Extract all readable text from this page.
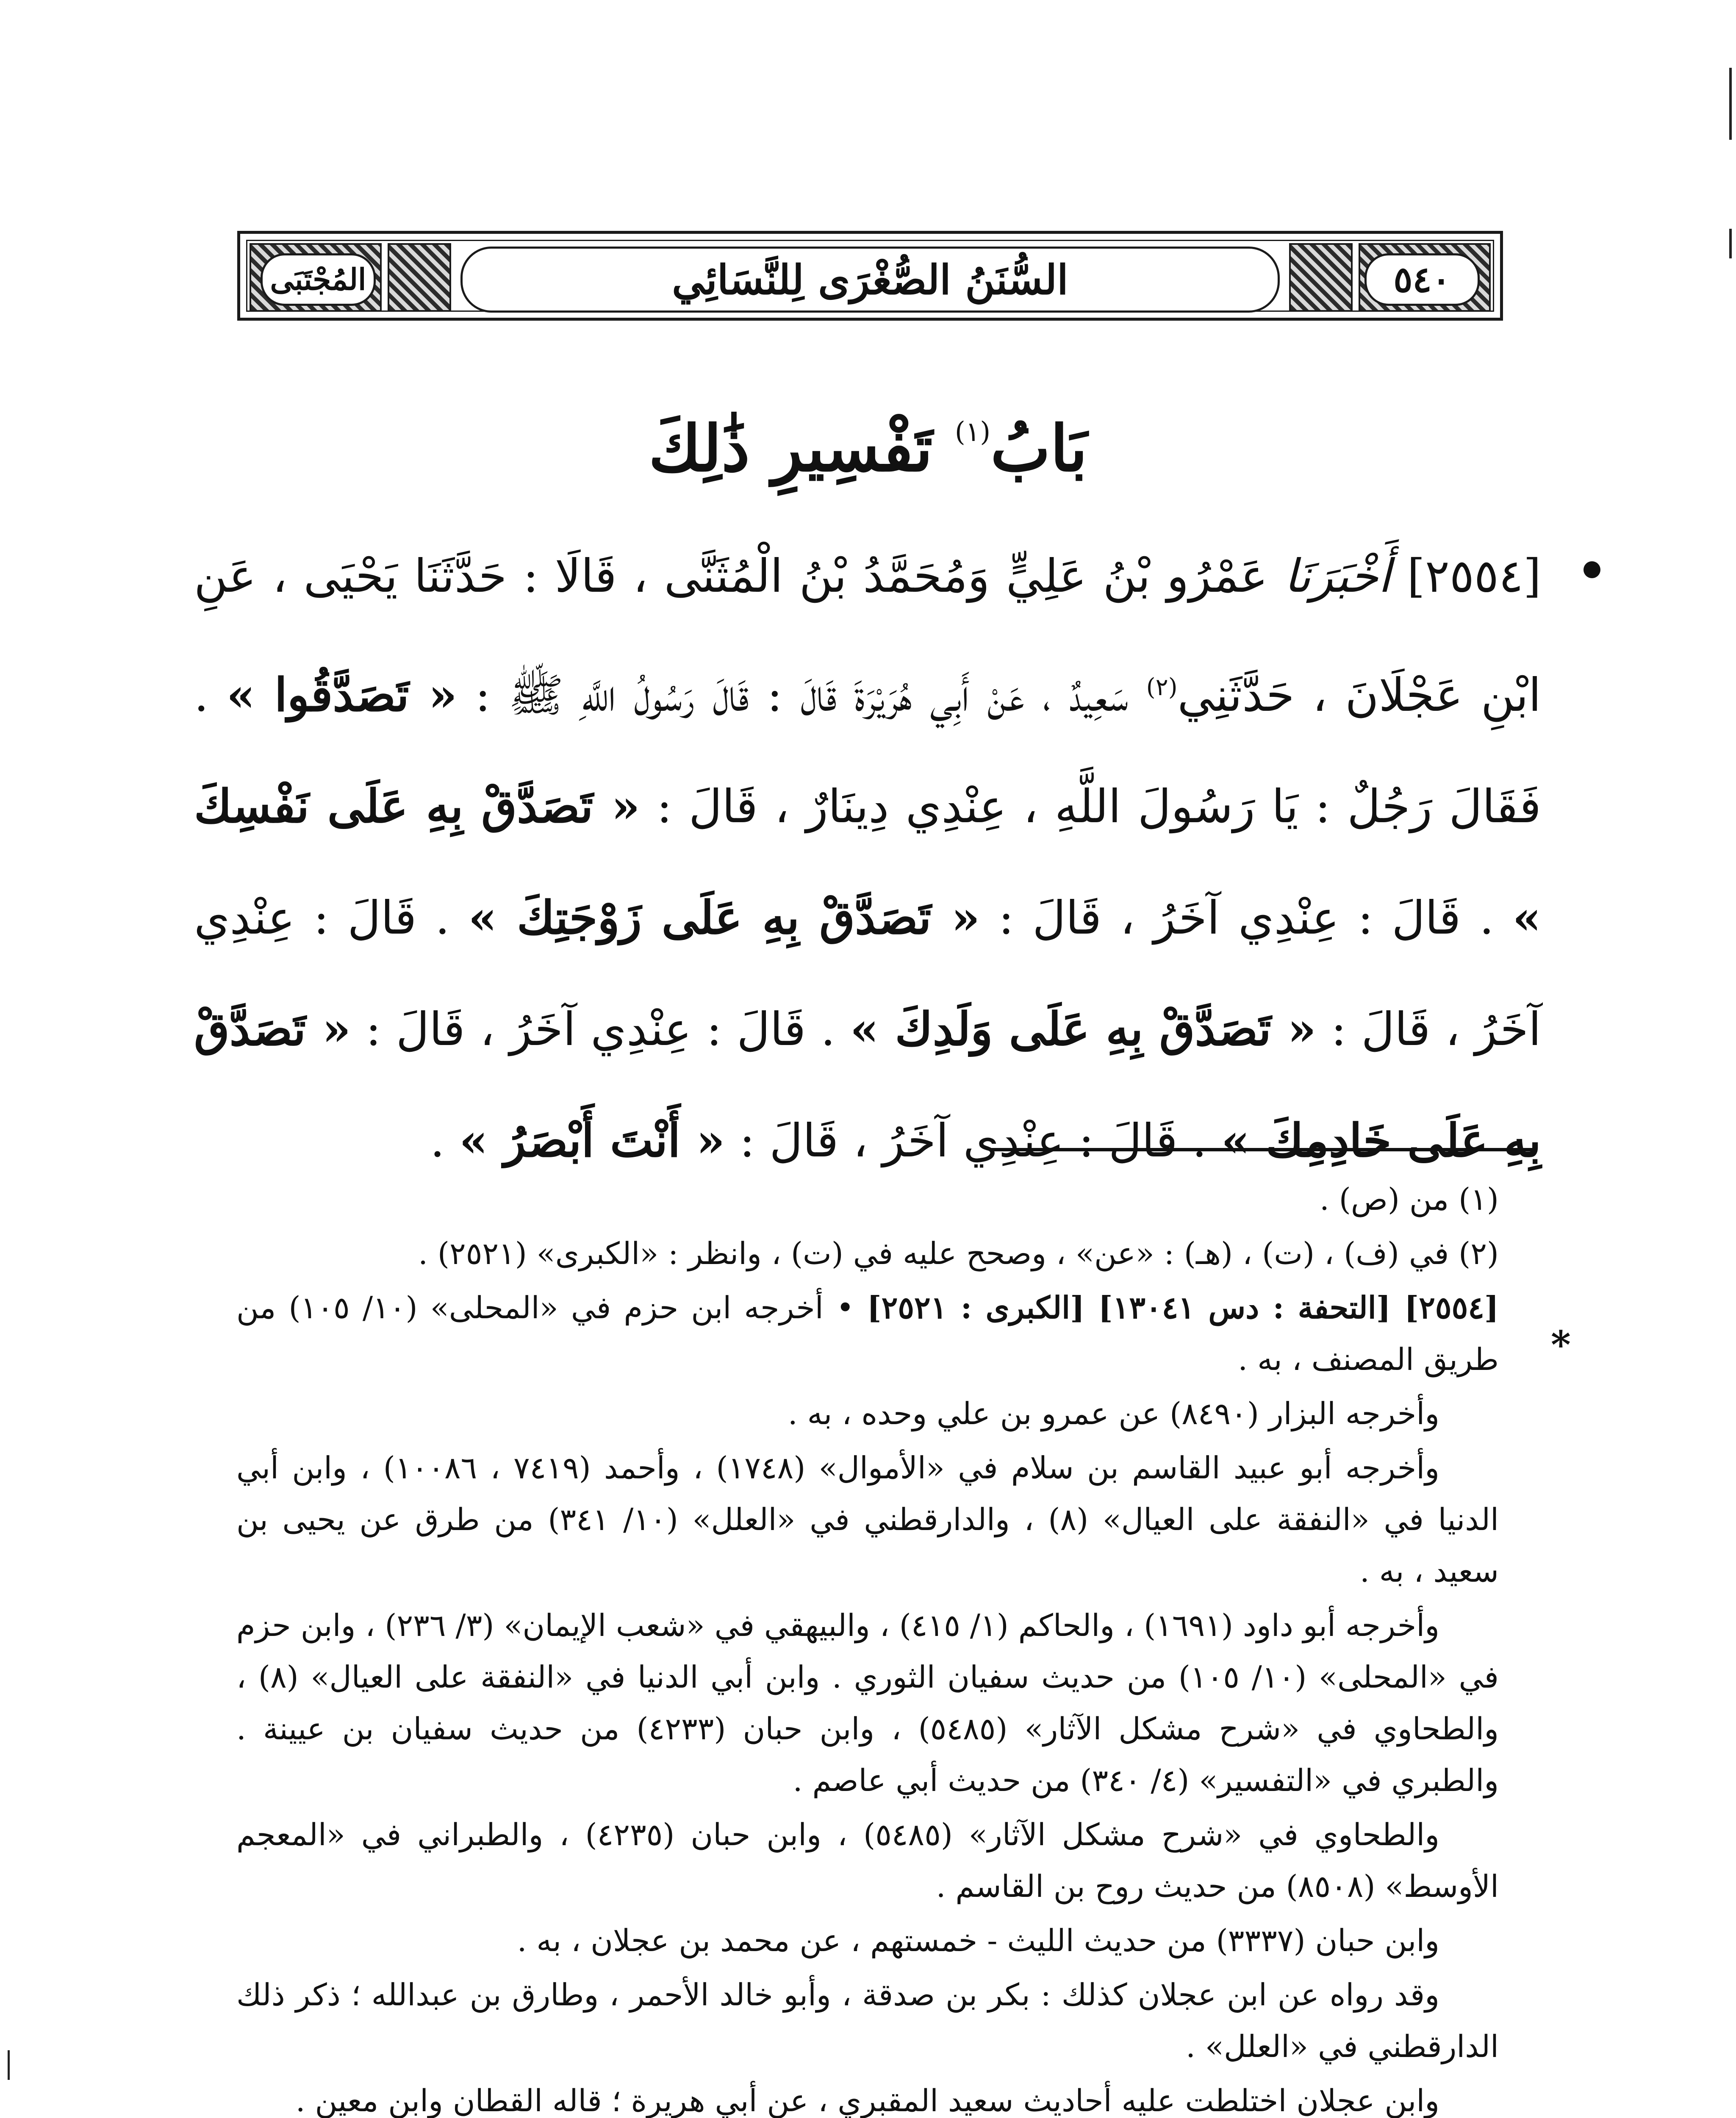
٥٤٠
المُجْتَبَى	السُّنَنُ الصُّغْرَى لِلنَّسَائِي
بَابُ$^{(١)}$ تَفْسِيرِ ذَٰلِكَ
[٢٥٥٤] أَخْبَرَنَا عَمْرُو بْنُ عَلِيٍّ وَمُحَمَّدُ بْنُ الْمُثَنَّى ، قَالَا : حَدَّثَنَا يَحْيَى ، عَنِ ابْنِ عَجْلَانَ ، حَدَّثَنِي$^{(٢)}$ سَعِيدٌ ، عَنْ أَبِي هُرَيْرَةَ قَالَ : قَالَ رَسُولُ اللَّهِ ﷺ : « تَصَدَّقُوا » . فَقَالَ رَجُلٌ : يَا رَسُولَ اللَّهِ ، عِنْدِي دِينَارٌ ، قَالَ : « تَصَدَّقْ بِهِ عَلَى نَفْسِكَ » . قَالَ : عِنْدِي آخَرُ ، قَالَ : « تَصَدَّقْ بِهِ عَلَى زَوْجَتِكَ » . قَالَ : عِنْدِي آخَرُ ، قَالَ : « تَصَدَّقْ بِهِ عَلَى وَلَدِكَ » . قَالَ : عِنْدِي آخَرُ ، قَالَ : « تَصَدَّقْ بِهِ عَلَى خَادِمِكَ » . قَالَ : عِنْدِي آخَرُ ، قَالَ : « أَنْتَ أَبْصَرُ » .
*

(١) من (ص) .

(٢) في (ف) ، (ت) ، (هـ) : «عن» ، وصحح عليه في (ت) ، وانظر : «الكبرى» (٢٥٢١) .

[٢٥٥٤] [التحفة : دس ١٣٠٤١] [الكبرى : ٢٥٢١] • أخرجه ابن حزم في «المحلى» (١٠/ ١٠٥) من طريق المصنف ، به .

وأخرجه البزار (٨٤٩٠) عن عمرو بن علي وحده ، به .

وأخرجه أبو عبيد القاسم بن سلام في «الأموال» (١٧٤٨) ، وأحمد (٧٤١٩ ، ١٠٠٨٦) ، وابن أبي الدنيا في «النفقة على العيال» (٨) ، والدارقطني في «العلل» (١٠/ ٣٤١) من طرق عن يحيى بن سعيد ، به .

وأخرجه أبو داود (١٦٩١) ، والحاكم (١/ ٤١٥) ، والبيهقي في «شعب الإيمان» (٣/ ٢٣٦) ، وابن حزم في «المحلى» (١٠/ ١٠٥) من حديث سفيان الثوري . وابن أبي الدنيا في «النفقة على العيال» (٨) ، والطحاوي في «شرح مشكل الآثار» (٥٤٨٥) ، وابن حبان (٤٢٣٣) من حديث سفيان بن عيينة . والطبري في «التفسير» (٤/ ٣٤٠) من حديث أبي عاصم .

والطحاوي في «شرح مشكل الآثار» (٥٤٨٥) ، وابن حبان (٤٢٣٥) ، والطبراني في «المعجم الأوسط» (٨٥٠٨) من حديث روح بن القاسم .

وابن حبان (٣٣٣٧) من حديث الليث - خمستهم ، عن محمد بن عجلان ، به .

وقد رواه عن ابن عجلان كذلك : بكر بن صدقة ، وأبو خالد الأحمر ، وطارق بن عبدالله ؛ ذكر ذلك الدارقطني في «العلل» .

وابن عجلان اختلطت عليه أحاديث سعيد المقبري ، عن أبي هريرة ؛ قاله القطان وابن معين .
